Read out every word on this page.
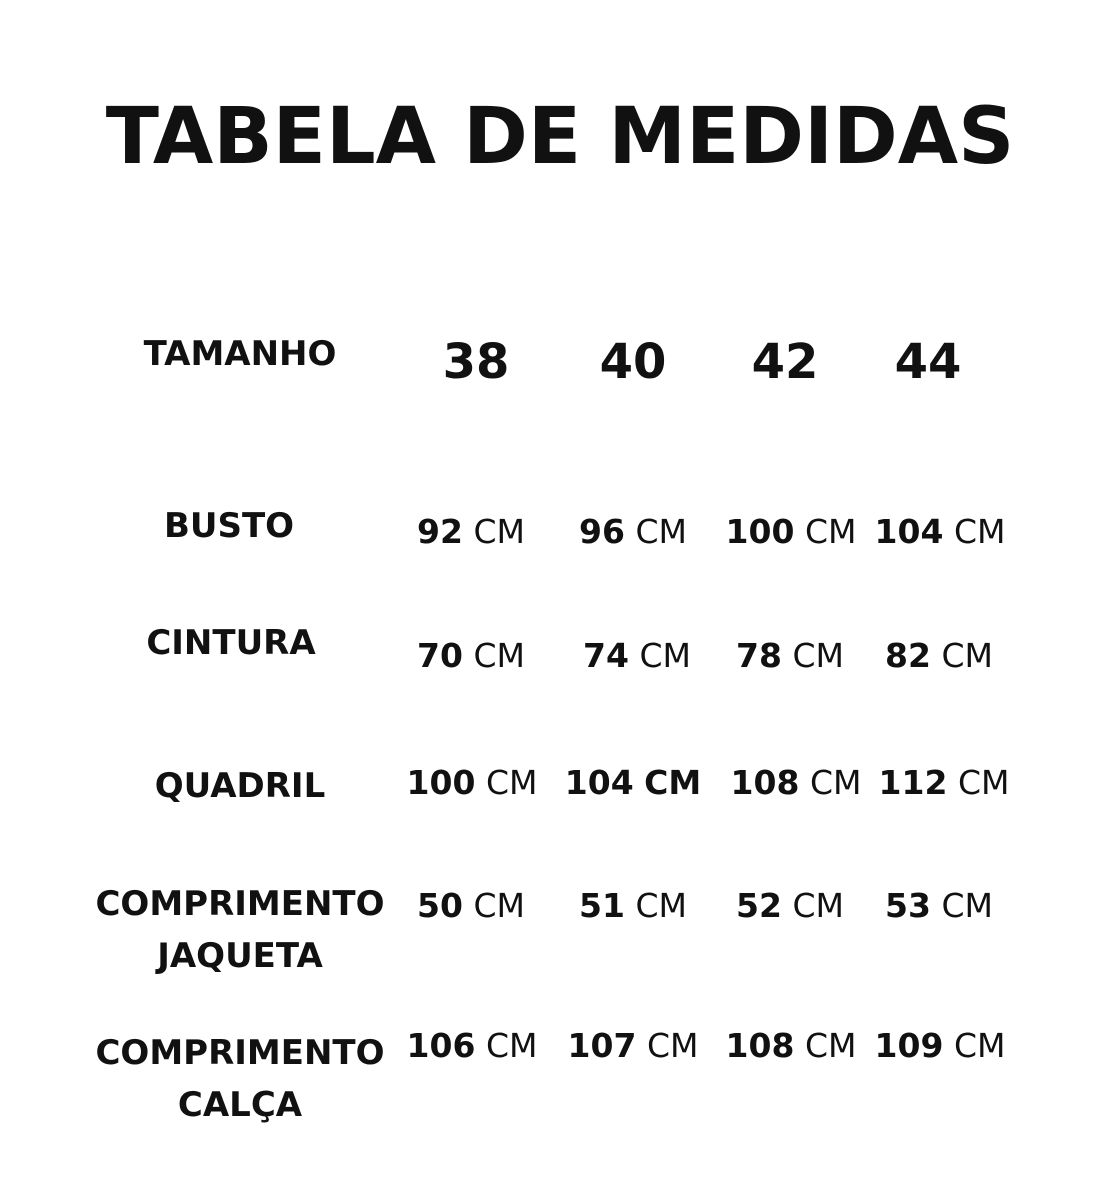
TABELA DE MEDIDAS
TAMANHO 38 40 42 44
BUSTO	92 CM 96 CM 100 CM 104 CM
CINTURA	70 CM 74 CM 78 CM 82 CM
QUADRIL 100 CM 104 CM 108 CM 112 CM
COMPRIMENTO
JAQUETA
50 CM 51 CM 52 CM 53 CM
COMPRIMENTO
CALÇA
106 CM 107 CM 108 CM 109 CM
